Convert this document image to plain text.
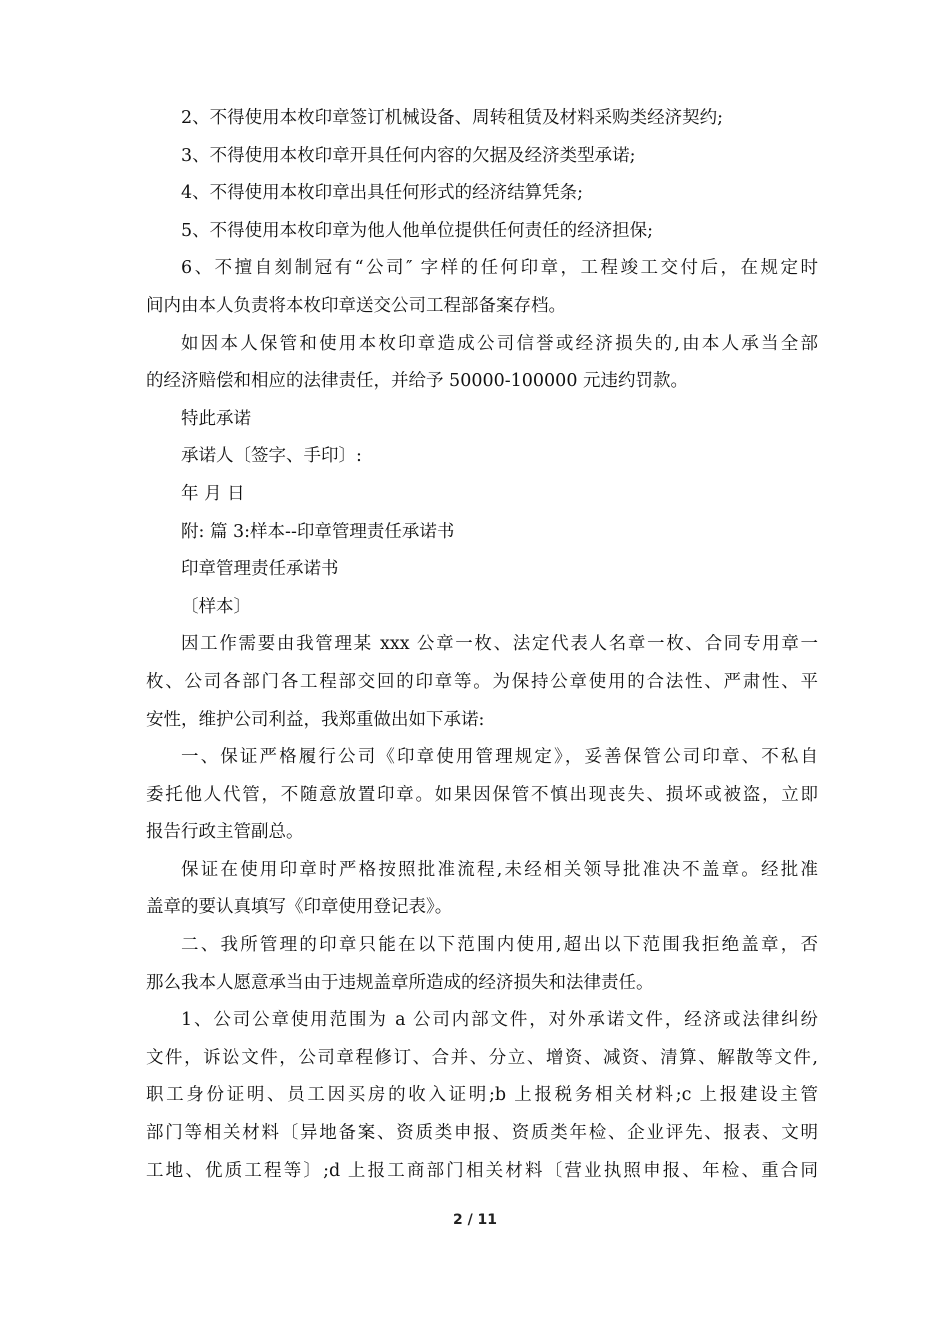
2、不得使用本枚印章签订机械设备、周转租赁及材料采购类经济契约;
3、不得使用本枚印章开具任何内容的欠据及经济类型承诺;
4、不得使用本枚印章出具任何形式的经济结算凭条;
5、不得使用本枚印章为他人他单位提供任何责任的经济担保;
6、不擅自刻制冠有“公司″ 字样的任何印章，工程竣工交付后，在规定时
间内由本人负责将本枚印章送交公司工程部备案存档。
如因本人保管和使用本枚印章造成公司信誉或经济损失的,由本人承当全部
的经济赔偿和相应的法律责任，并给予 50000-100000 元违约罚款。
特此承诺
承诺人〔签字、手印〕:
年 月 日
附: 篇 3:样本--印章管理责任承诺书
印章管理责任承诺书
〔样本〕
因工作需要由我管理某 xxx 公章一枚、法定代表人名章一枚、合同专用章一
枚、公司各部门各工程部交回的印章等。为保持公章使用的合法性、严肃性、平
安性，维护公司利益，我郑重做出如下承诺:
一、保证严格履行公司《印章使用管理规定》，妥善保管公司印章、不私自
委托他人代管，不随意放置印章。如果因保管不慎出现丧失、损坏或被盗，立即
报告行政主管副总。
保证在使用印章时严格按照批准流程,未经相关领导批准决不盖章。经批准
盖章的要认真填写《印章使用登记表》。
二、我所管理的印章只能在以下范围内使用,超出以下范围我拒绝盖章，否
那么我本人愿意承当由于违规盖章所造成的经济损失和法律责任。
1、公司公章使用范围为 a 公司内部文件，对外承诺文件，经济或法律纠纷
文件，诉讼文件，公司章程修订、合并、分立、增资、减资、清算、解散等文件,
职工身份证明、员工因买房的收入证明;b 上报税务相关材料;c 上报建设主管
部门等相关材料〔异地备案、资质类申报、资质类年检、企业评先、报表、文明
工地、优质工程等〕;d 上报工商部门相关材料〔营业执照申报、年检、重合同
2 / 11
